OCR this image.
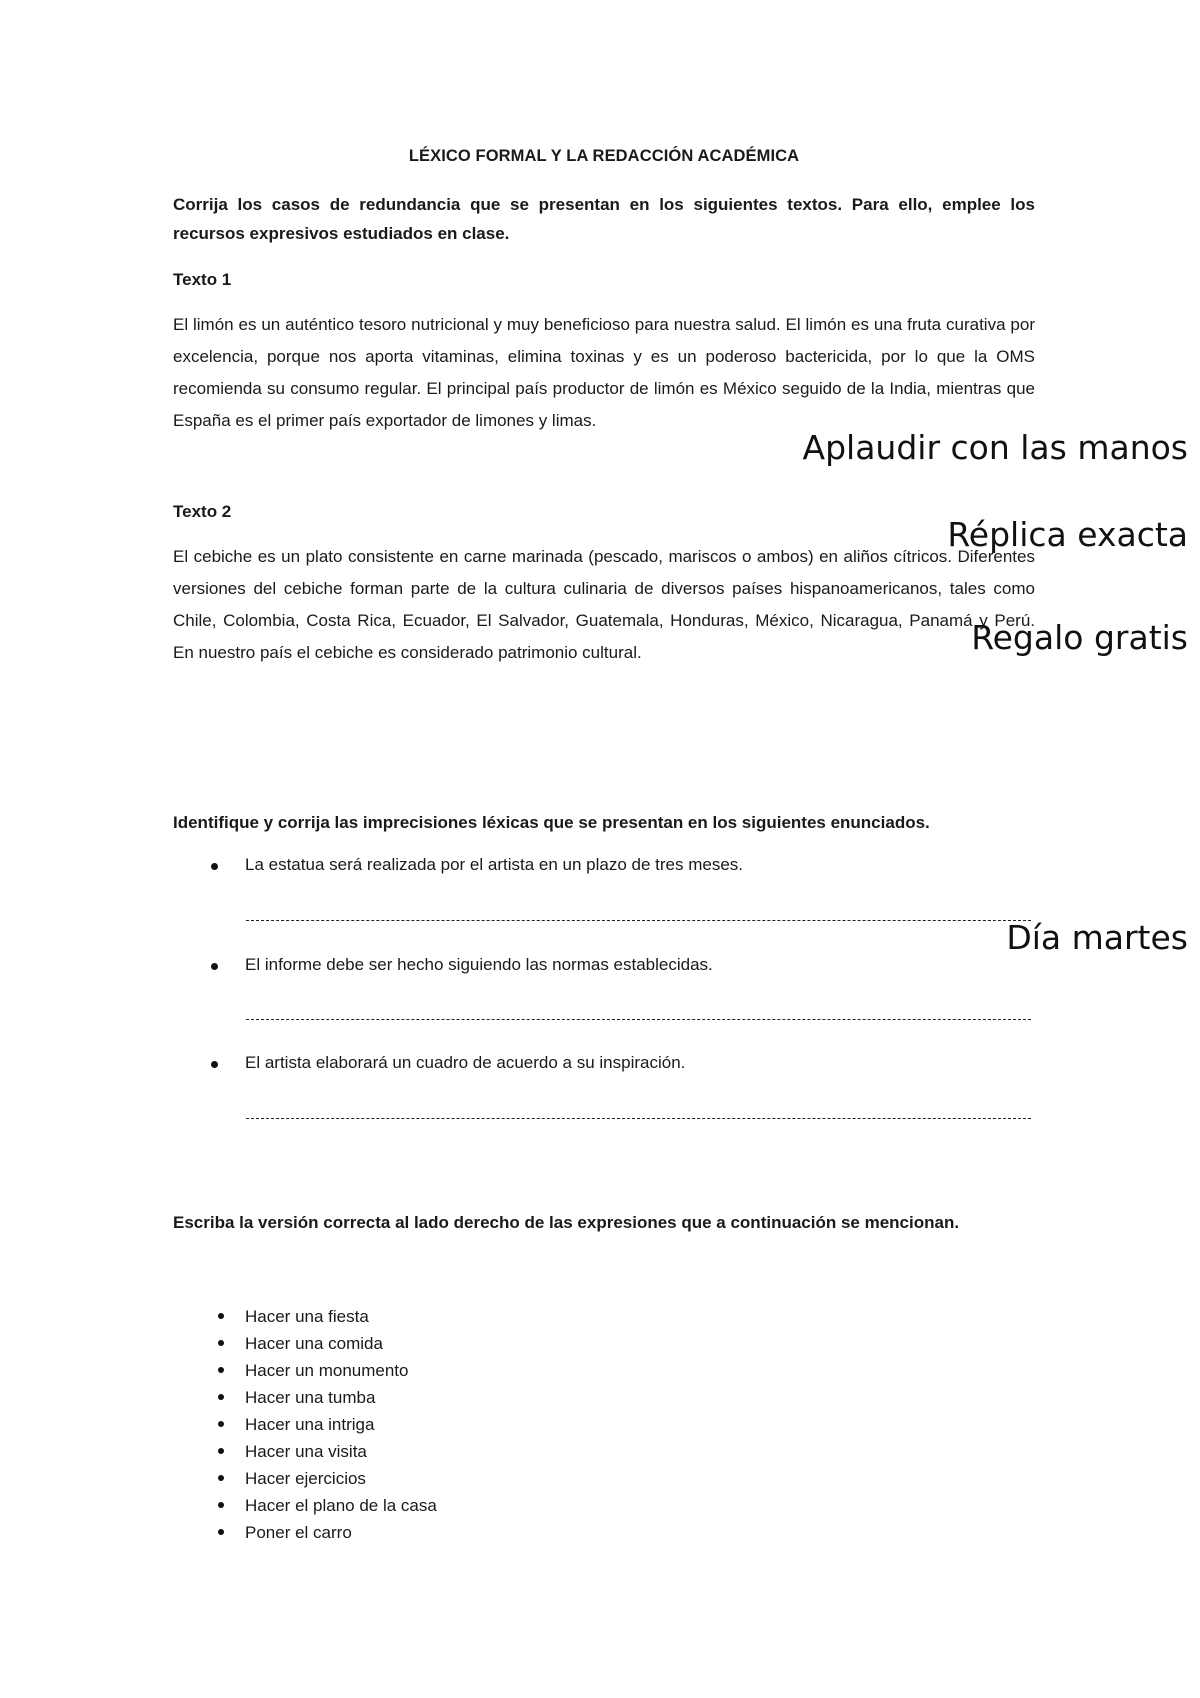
LÉXICO FORMAL Y LA REDACCIÓN ACADÉMICA
Corrija los casos de redundancia que se presentan en los siguientes textos. Para ello, emplee los recursos expresivos estudiados en clase.
Texto 1
El limón es un auténtico tesoro nutricional y muy beneficioso para nuestra salud. El limón es una fruta curativa por excelencia, porque nos aporta vitaminas, elimina toxinas y es un poderoso bactericida, por lo que la OMS recomienda su consumo regular. El principal país productor de limón es México seguido de la India, mientras que España es el primer país exportador de limones y limas.
Texto 2
El cebiche es un plato consistente en carne marinada (pescado, mariscos o ambos) en aliños cítricos. Diferentes versiones del cebiche forman parte de la cultura culinaria de diversos países hispanoamericanos, tales como Chile, Colombia, Costa Rica, Ecuador, El Salvador, Guatemala, Honduras, México, Nicaragua, Panamá y Perú. En nuestro país el cebiche es considerado patrimonio cultural.
Identifique y corrija las imprecisiones léxicas que se presentan en los siguientes enunciados.
La estatua será realizada por el artista en un plazo de tres meses.
El informe debe ser hecho siguiendo las normas establecidas.
El artista elaborará un cuadro de acuerdo a su inspiración.
Escriba la versión correcta al lado derecho de las expresiones que a continuación se mencionan.
Hacer una fiesta
Hacer una comida
Hacer un monumento
Hacer una tumba
Hacer una intriga
Hacer una visita
Hacer ejercicios
Hacer el plano de la casa
Poner el carro
Aplaudir con las manos
Réplica exacta
Regalo gratis
Día martes
